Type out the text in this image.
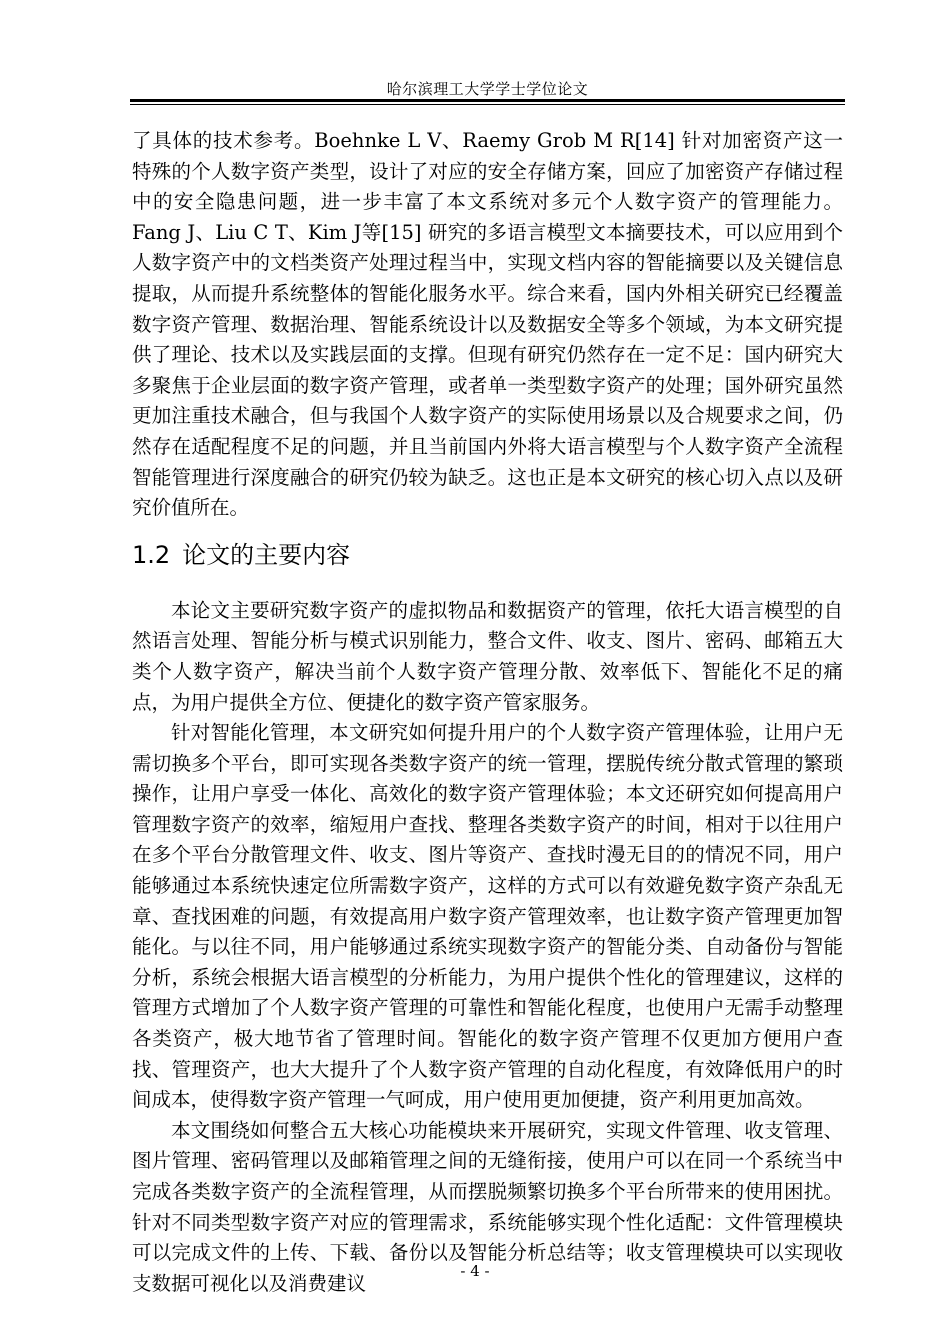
哈尔滨理工大学学士学位论文

了具体的技术参考。Boehnke L V、Raemy Grob M R[14] 针对加密资产这一特殊的个人数字资产类型，设计了对应的安全存储方案，回应了加密资产存储过程中的安全隐患问题，进一步丰富了本文系统对多元个人数字资产的管理能力。Fang J、Liu C T、Kim J等[15] 研究的多语言模型文本摘要技术，可以应用到个人数字资产中的文档类资产处理过程当中，实现文档内容的智能摘要以及关键信息提取，从而提升系统整体的智能化服务水平。综合来看，国内外相关研究已经覆盖数字资产管理、数据治理、智能系统设计以及数据安全等多个领域，为本文研究提供了理论、技术以及实践层面的支撑。但现有研究仍然存在一定不足：国内研究大多聚焦于企业层面的数字资产管理，或者单一类型数字资产的处理；国外研究虽然更加注重技术融合，但与我国个人数字资产的实际使用场景以及合规要求之间，仍然存在适配程度不足的问题，并且当前国内外将大语言模型与个人数字资产全流程智能管理进行深度融合的研究仍较为缺乏。这也正是本文研究的核心切入点以及研究价值所在。

1.2 论文的主要内容

本论文主要研究数字资产的虚拟物品和数据资产的管理，依托大语言模型的自然语言处理、智能分析与模式识别能力，整合文件、收支、图片、密码、邮箱五大类个人数字资产，解决当前个人数字资产管理分散、效率低下、智能化不足的痛点，为用户提供全方位、便捷化的数字资产管家服务。

针对智能化管理，本文研究如何提升用户的个人数字资产管理体验，让用户无需切换多个平台，即可实现各类数字资产的统一管理，摆脱传统分散式管理的繁琐操作，让用户享受一体化、高效化的数字资产管理体验；本文还研究如何提高用户管理数字资产的效率，缩短用户查找、整理各类数字资产的时间，相对于以往用户在多个平台分散管理文件、收支、图片等资产、查找时漫无目的的情况不同，用户能够通过本系统快速定位所需数字资产，这样的方式可以有效避免数字资产杂乱无章、查找困难的问题，有效提高用户数字资产管理效率，也让数字资产管理更加智能化。与以往不同，用户能够通过系统实现数字资产的智能分类、自动备份与智能分析，系统会根据大语言模型的分析能力，为用户提供个性化的管理建议，这样的管理方式增加了个人数字资产管理的可靠性和智能化程度，也使用户无需手动整理各类资产，极大地节省了管理时间。智能化的数字资产管理不仅更加方便用户查找、管理资产，也大大提升了个人数字资产管理的自动化程度，有效降低用户的时间成本，使得数字资产管理一气呵成，用户使用更加便捷，资产利用更加高效。

本文围绕如何整合五大核心功能模块来开展研究，实现文件管理、收支管理、图片管理、密码管理以及邮箱管理之间的无缝衔接，使用户可以在同一个系统当中完成各类数字资产的全流程管理，从而摆脱频繁切换多个平台所带来的使用困扰。针对不同类型数字资产对应的管理需求，系统能够实现个性化适配：文件管理模块可以完成文件的上传、下载、备份以及智能分析总结等；收支管理模块可以实现收支数据可视化以及消费建议

- 4 -
